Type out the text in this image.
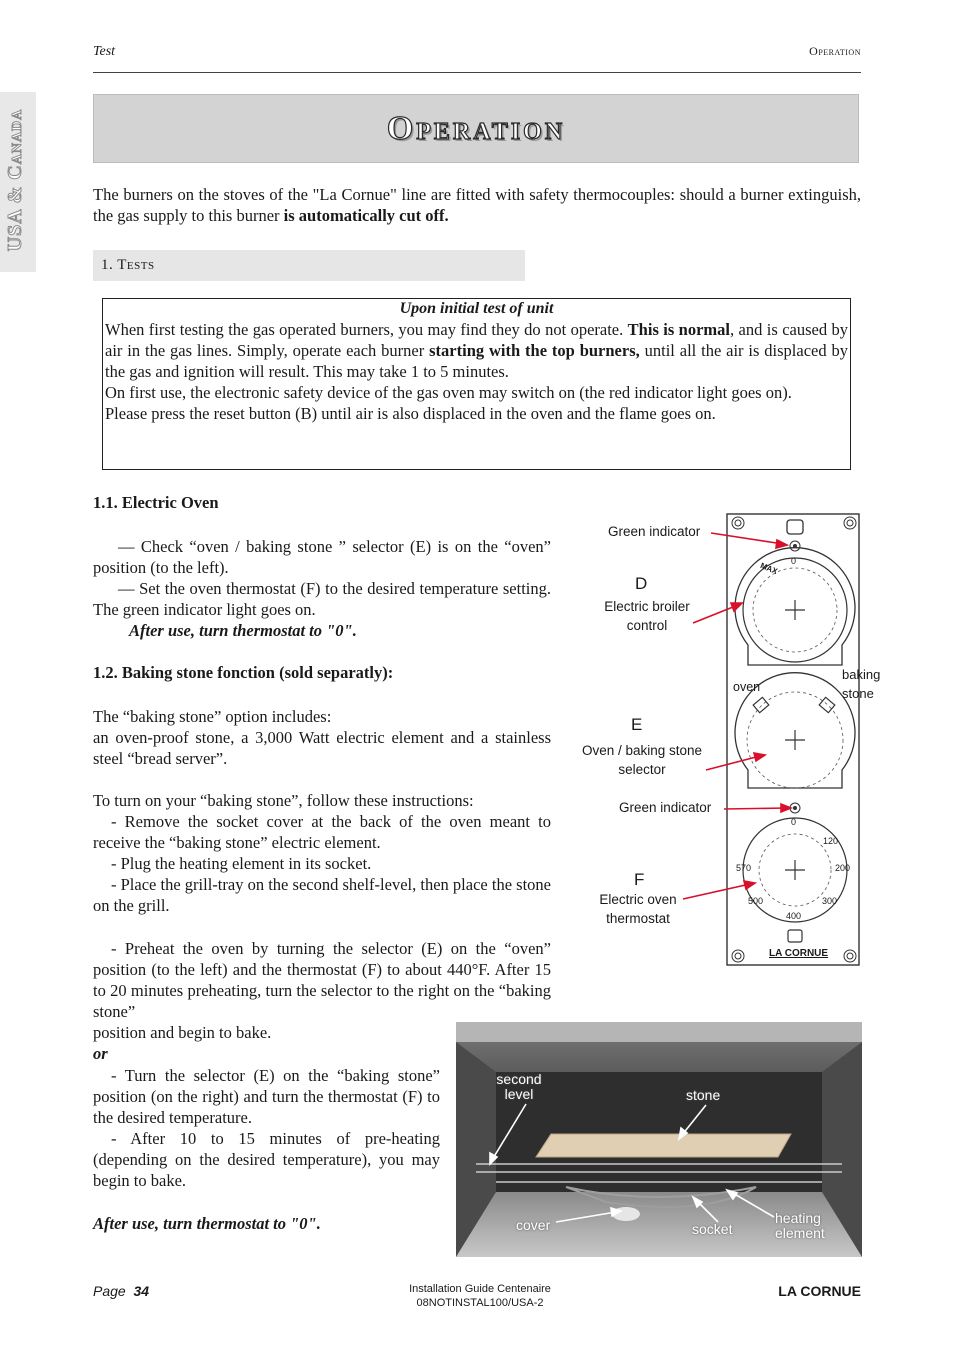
Test	Operation
USA & Canada	Operation
The burners on the stoves of the "La Cornue" line are fitted with safety thermocouples: should a burner extinguish, the gas supply to this burner is automatically cut off.
1. Tests
Upon initial test of unit

When first testing the gas operated burners, you may find they do not operate. This is normal, and is caused by air in the gas lines. Simply, operate each burner starting with the top burners, until all the air is displaced by the gas and ignition will result. This may take 1 to 5 minutes.

On first use, the electronic safety device of the gas oven may switch on (the red indicator light goes on).

Please press the reset button (B) until air is also displaced in the oven and the flame goes on.

1.1. Electric Oven

— Check “oven / baking stone ” selector (E) is on the “oven” position (to the left).

— Set the oven thermostat (F) to the desired temperature setting. The green indicator light goes on.

After use, turn thermostat to "0".

1.2. Baking stone fonction (sold separatly):

The “baking stone” option includes:

an oven-proof stone, a 3,000 Watt electric element and a stainless steel “bread server”.

To turn on your “baking stone”, follow these instructions:

- Remove the socket cover at the back of the oven meant to receive the “baking stone” electric element.

- Plug the heating element in its socket.

- Place the grill-tray on the second shelf-level, then place the stone on the grill.

- Preheat the oven by turning the selector (E) on the “oven” position (to the left) and the thermostat (F) to about 440°F. After 15 to 20 minutes preheating, turn the selector to the right on the “baking stone”

position and begin to bake.
or

- Turn the selector (E) on the “baking stone” position (on the right) and turn the thermostat (F) to the desired temperature.

- After 10 to 15 minutes of pre-heating (depending on the desired temperature), you may begin to bake.

After use, turn thermostat to "0".
Green indicator
D
Electric broiler
control
oven
baking
stone
E
Oven / baking stone
selector
Green indicator
F
Electric oven
thermostat
MAX 0
0
120
200
300
400
500
570
LA CORNUE
second
level	stone
cover	socket
heating
element
Page 34	Installation Guide Centenaire
08NOTINSTAL100/USA-2
LA CORNUE
